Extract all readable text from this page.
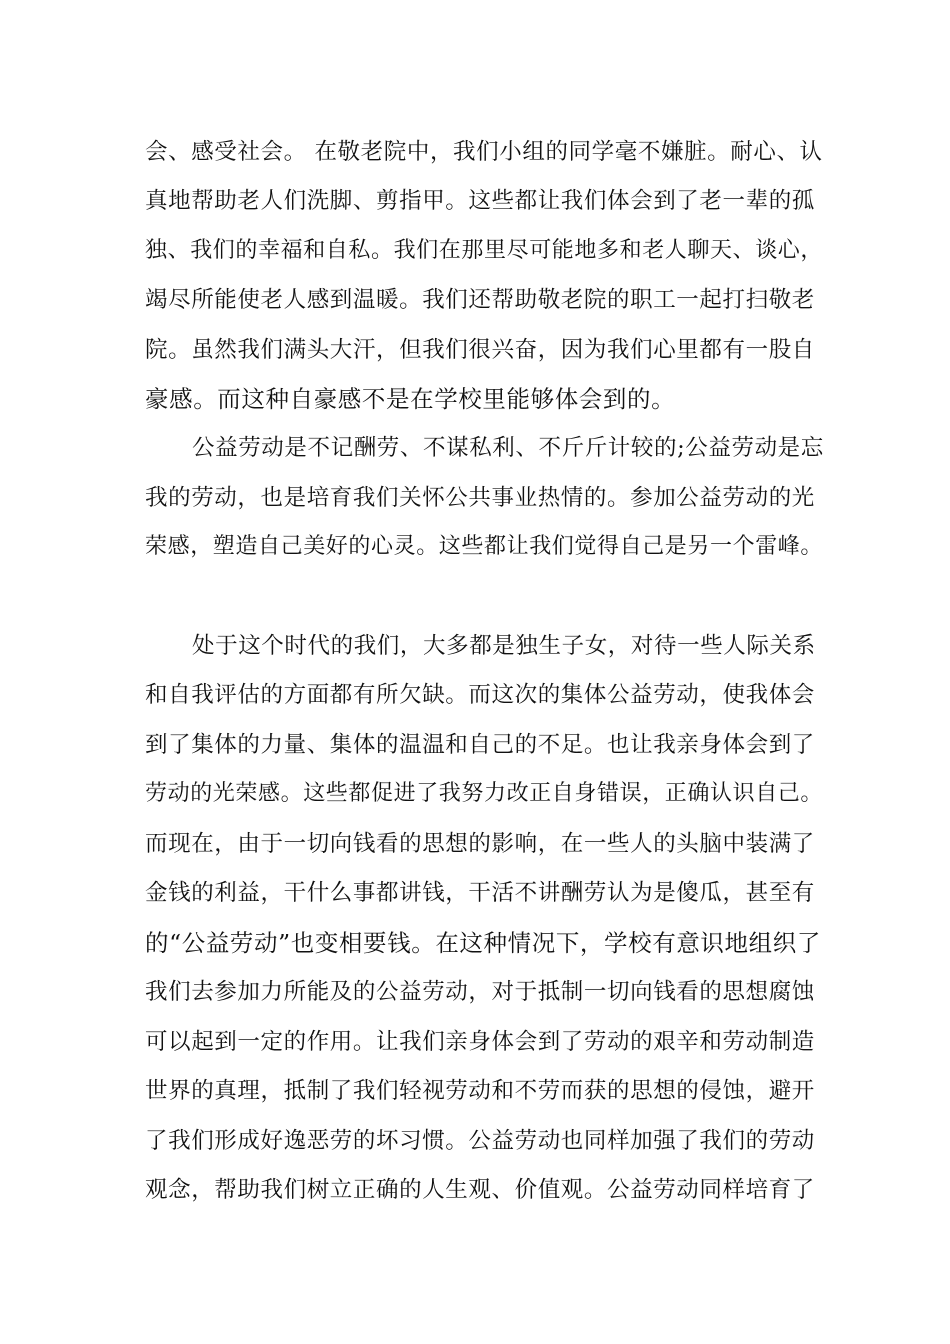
会、感受社会。 在敬老院中，我们小组的同学毫不嫌脏。耐心、认
真地帮助老人们洗脚、剪指甲。这些都让我们体会到了老一辈的孤
独、我们的幸福和自私。我们在那里尽可能地多和老人聊天、谈心，
竭尽所能使老人感到温暖。我们还帮助敬老院的职工一起打扫敬老
院。虽然我们满头大汗，但我们很兴奋，因为我们心里都有一股自
豪感。而这种自豪感不是在学校里能够体会到的。
公益劳动是不记酬劳、不谋私利、不斤斤计较的;公益劳动是忘
我的劳动，也是培育我们关怀公共事业热情的。参加公益劳动的光
荣感，塑造自己美好的心灵。这些都让我们觉得自己是另一个雷峰。
处于这个时代的我们，大多都是独生子女，对待一些人际关系
和自我评估的方面都有所欠缺。而这次的集体公益劳动，使我体会
到了集体的力量、集体的温温和自己的不足。也让我亲身体会到了
劳动的光荣感。这些都促进了我努力改正自身错误，正确认识自己。
而现在，由于一切向钱看的思想的影响，在一些人的头脑中装满了
金钱的利益，干什么事都讲钱，干活不讲酬劳认为是傻瓜，甚至有
的“公益劳动”也变相要钱。在这种情况下，学校有意识地组织了
我们去参加力所能及的公益劳动，对于抵制一切向钱看的思想腐蚀
可以起到一定的作用。让我们亲身体会到了劳动的艰辛和劳动制造
世界的真理，抵制了我们轻视劳动和不劳而获的思想的侵蚀，避开
了我们形成好逸恶劳的坏习惯。公益劳动也同样加强了我们的劳动
观念，帮助我们树立正确的人生观、价值观。公益劳动同样培育了
